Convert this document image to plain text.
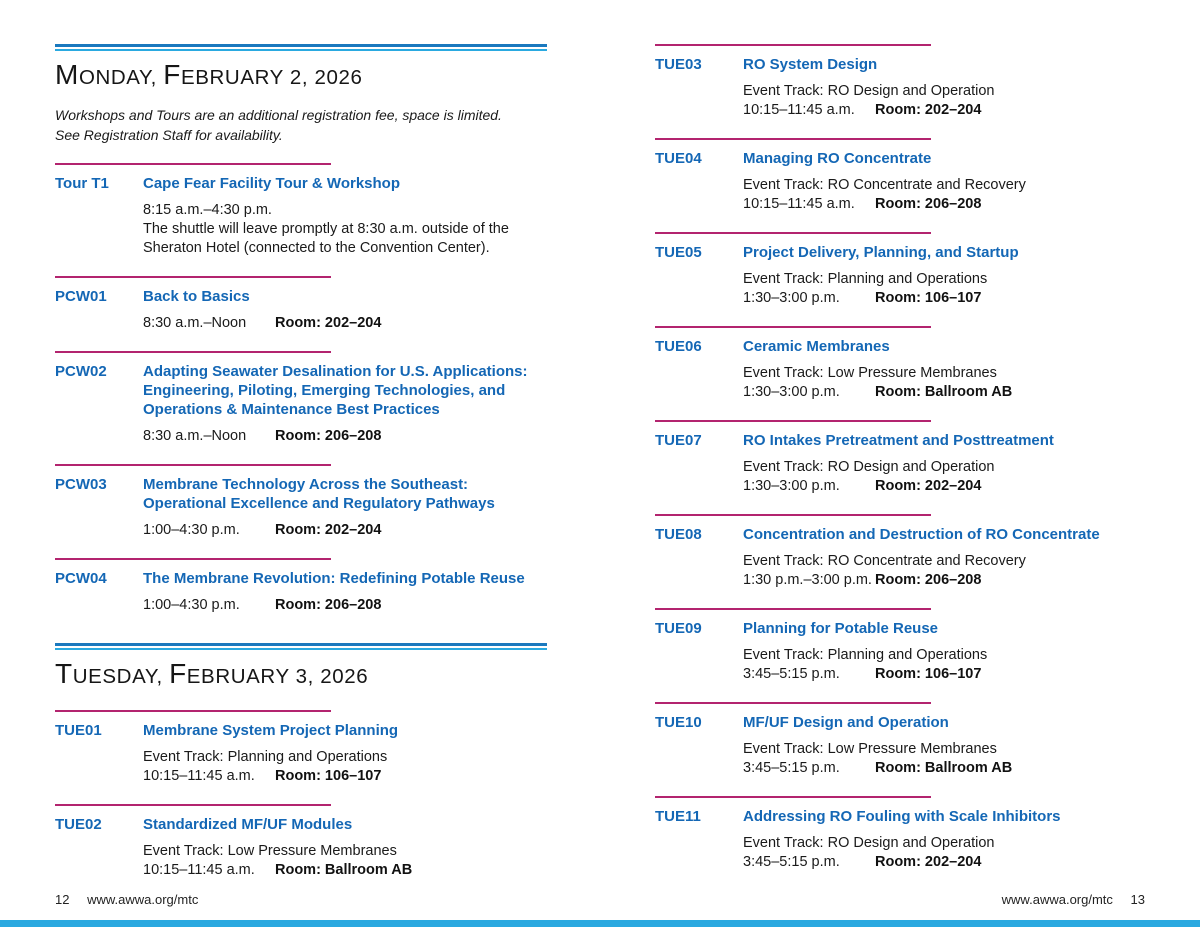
MONDAY, FEBRUARY 2, 2026
Workshops and Tours are an additional registration fee, space is limited.
See Registration Staff for availability.
Tour T1	Cape Fear Facility Tour & Workshop
8:15 a.m.–4:30 p.m.
The shuttle will leave promptly at 8:30 a.m. outside of the Sheraton Hotel (connected to the Convention Center).
PCW01	Back to Basics
8:30 a.m.–Noon Room: 202–204
PCW02	Adapting Seawater Desalination for U.S. Applications: Engineering, Piloting, Emerging Technologies, and Operations & Maintenance Best Practices
8:30 a.m.–Noon Room: 206–208
PCW03	Membrane Technology Across the Southeast: Operational Excellence and Regulatory Pathways
1:00–4:30 p.m. Room: 202–204
PCW04	The Membrane Revolution: Redefining Potable Reuse
1:00–4:30 p.m. Room: 206–208
TUESDAY, FEBRUARY 3, 2026
TUE01	Membrane System Project Planning
Event Track: Planning and Operations
10:15–11:45 a.m. Room: 106–107
TUE02	Standardized MF/UF Modules
Event Track: Low Pressure Membranes
10:15–11:45 a.m. Room: Ballroom AB
TUE03	RO System Design
Event Track: RO Design and Operation
10:15–11:45 a.m. Room: 202–204
TUE04	Managing RO Concentrate
Event Track: RO Concentrate and Recovery
10:15–11:45 a.m. Room: 206–208
TUE05	Project Delivery, Planning, and Startup
Event Track: Planning and Operations
1:30–3:00 p.m. Room: 106–107
TUE06	Ceramic Membranes
Event Track: Low Pressure Membranes
1:30–3:00 p.m. Room: Ballroom AB
TUE07	RO Intakes Pretreatment and Posttreatment
Event Track: RO Design and Operation
1:30–3:00 p.m. Room: 202–204
TUE08	Concentration and Destruction of RO Concentrate
Event Track: RO Concentrate and Recovery
1:30 p.m.–3:00 p.m. Room: 206–208
TUE09	Planning for Potable Reuse
Event Track: Planning and Operations
3:45–5:15 p.m. Room: 106–107
TUE10	MF/UF Design and Operation
Event Track: Low Pressure Membranes
3:45–5:15 p.m. Room: Ballroom AB
TUE11	Addressing RO Fouling with Scale Inhibitors
Event Track: RO Design and Operation
3:45–5:15 p.m. Room: 202–204
12 www.awwa.org/mtc	www.awwa.org/mtc 13
